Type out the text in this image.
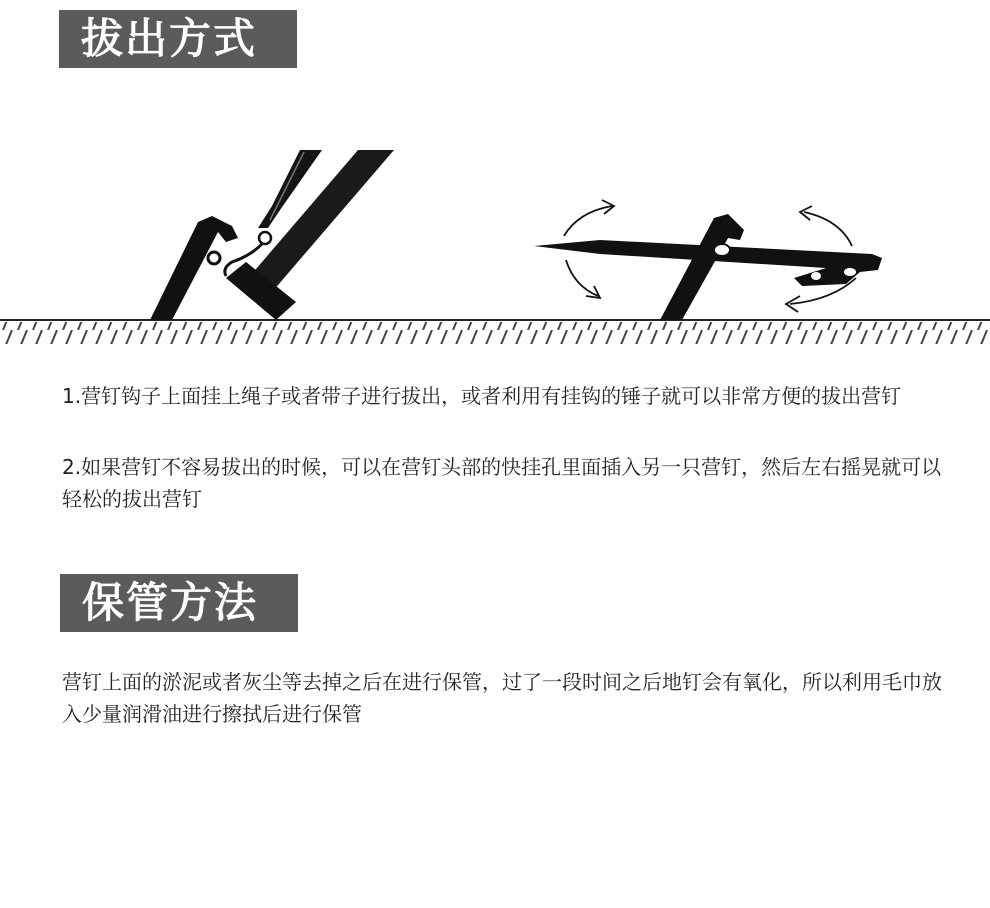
拔出方式

1.营钉钩子上面挂上绳子或者带子进行拔出，或者利用有挂钩的锤子就可以非常方便的拔出营钉

2.如果营钉不容易拔出的时候，可以在营钉头部的快挂孔里面插入另一只营钉，然后左右摇晃就可以轻松的拔出营钉

保管方法

营钉上面的淤泥或者灰尘等去掉之后在进行保管，过了一段时间之后地钉会有氧化，所以利用毛巾放入少量润滑油进行擦拭后进行保管
